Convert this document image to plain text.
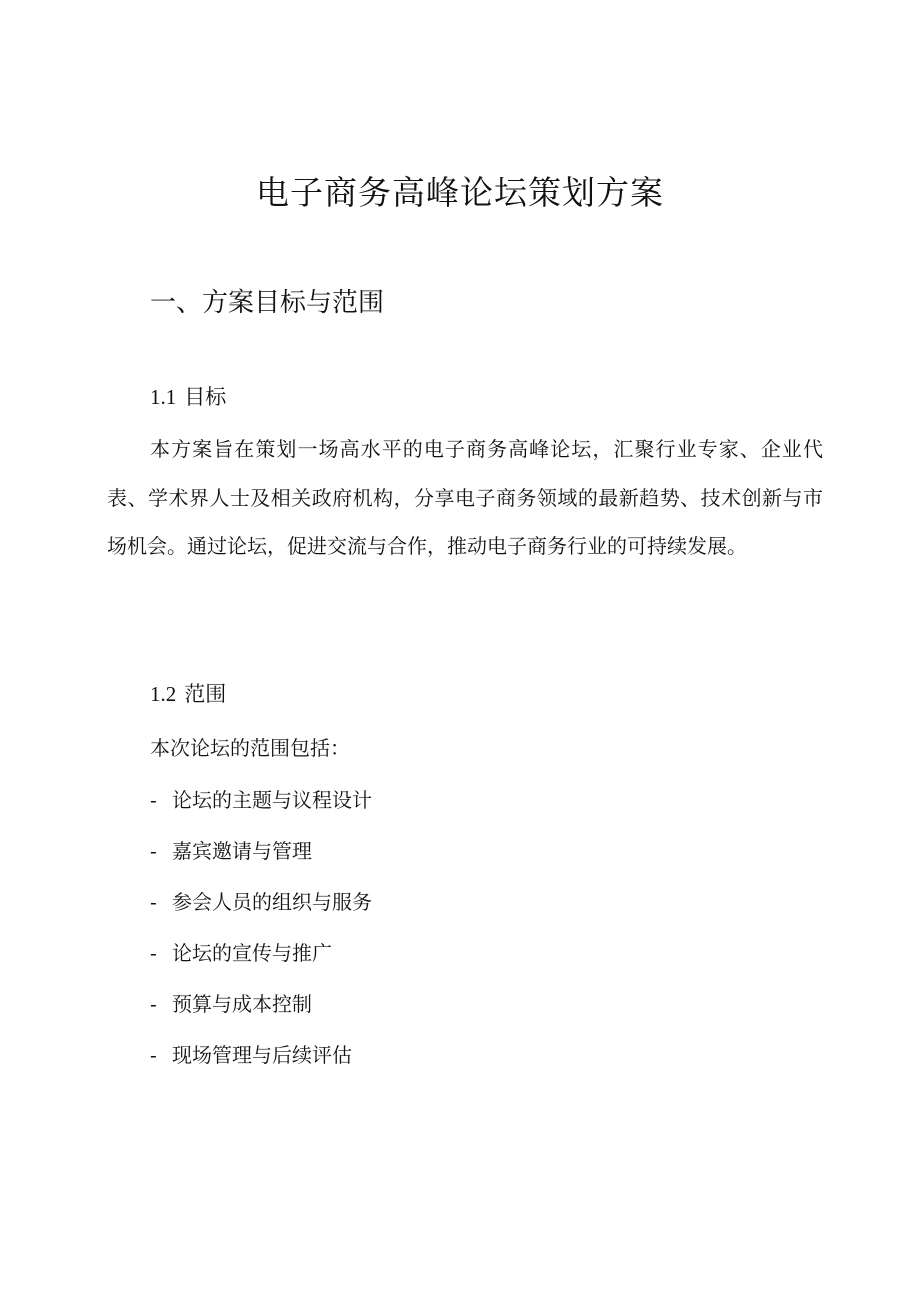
电子商务高峰论坛策划方案
一、方案目标与范围
1.1 目标

本方案旨在策划一场高水平的电子商务高峰论坛，汇聚行业专家、企业代表、学术界人士及相关政府机构，分享电子商务领域的最新趋势、技术创新与市场机会。通过论坛，促进交流与合作，推动电子商务行业的可持续发展。

1.2 范围

本次论坛的范围包括：

- 论坛的主题与议程设计
- 嘉宾邀请与管理
- 参会人员的组织与服务
- 论坛的宣传与推广
- 预算与成本控制
- 现场管理与后续评估
